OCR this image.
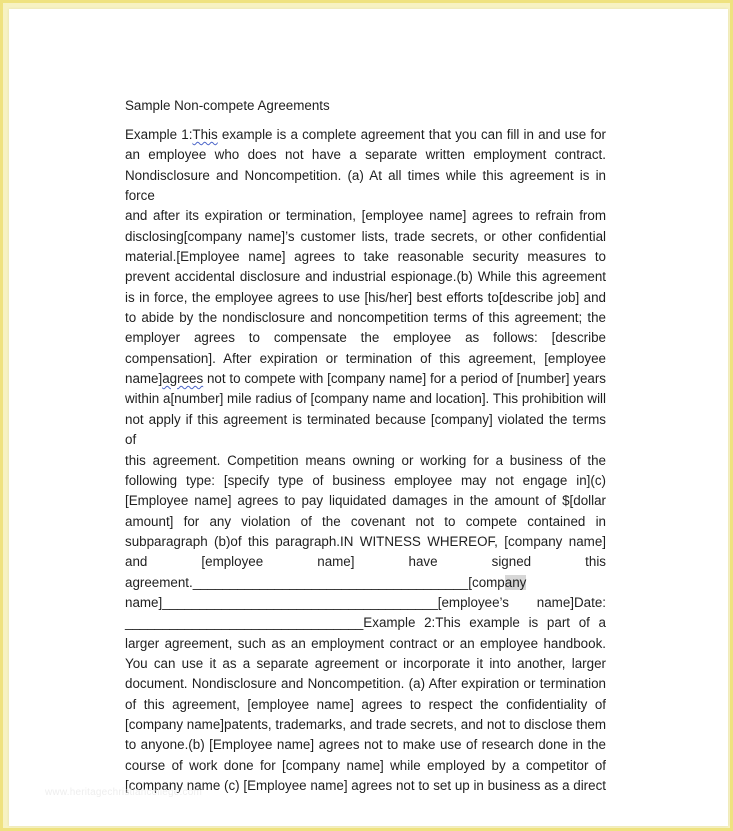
Sample Non-compete Agreements

Example 1:This example is a complete agreement that you can fill in and use for
an employee who does not have a separate written employment contract.
Nondisclosure and Noncompetition. (a) At all times while this agreement is in force
and after its expiration or termination, [employee name] agrees to refrain from
disclosing[company name]’s customer lists, trade secrets, or other confidential
material.[Employee name] agrees to take reasonable security measures to
prevent accidental disclosure and industrial espionage.(b) While this agreement
is in force, the employee agrees to use [his/her] best efforts to[describe job] and
to abide by the nondisclosure and noncompetition terms of this agreement; the
employer agrees to compensate the employee as follows: [describe
compensation]. After expiration or termination of this agreement, [employee
name]agrees not to compete with [company name] for a period of [number] years
within a[number] mile radius of [company name and location]. This prohibition will
not apply if this agreement is terminated because [company] violated the terms of
this agreement. Competition means owning or working for a business of the
following type: [specify type of business employee may not engage in](c)
[Employee name] agrees to pay liquidated damages in the amount of $[dollar
amount] for any violation of the covenant not to compete contained in
subparagraph (b)of this paragraph.IN WITNESS WHEREOF, [company name]
and [employee name] have signed this
agreement._____________________________________[company
name]_____________________________________[employee’s name]Date:
________________________________Example 2:This example is part of a
larger agreement, such as an employment contract or an employee handbook.
You can use it as a separate agreement or incorporate it into another, larger
document. Nondisclosure and Noncompetition. (a) After expiration or termination
of this agreement, [employee name] agrees to respect the confidentiality of
[company name]patents, trademarks, and trade secrets, and not to disclose them
to anyone.(b) [Employee name] agrees not to make use of research done in the
course of work done for [company name] while employed by a competitor of
[company name (c) [Employee name] agrees not to set up in business as a direct

www.heritagechristiancollege.com
